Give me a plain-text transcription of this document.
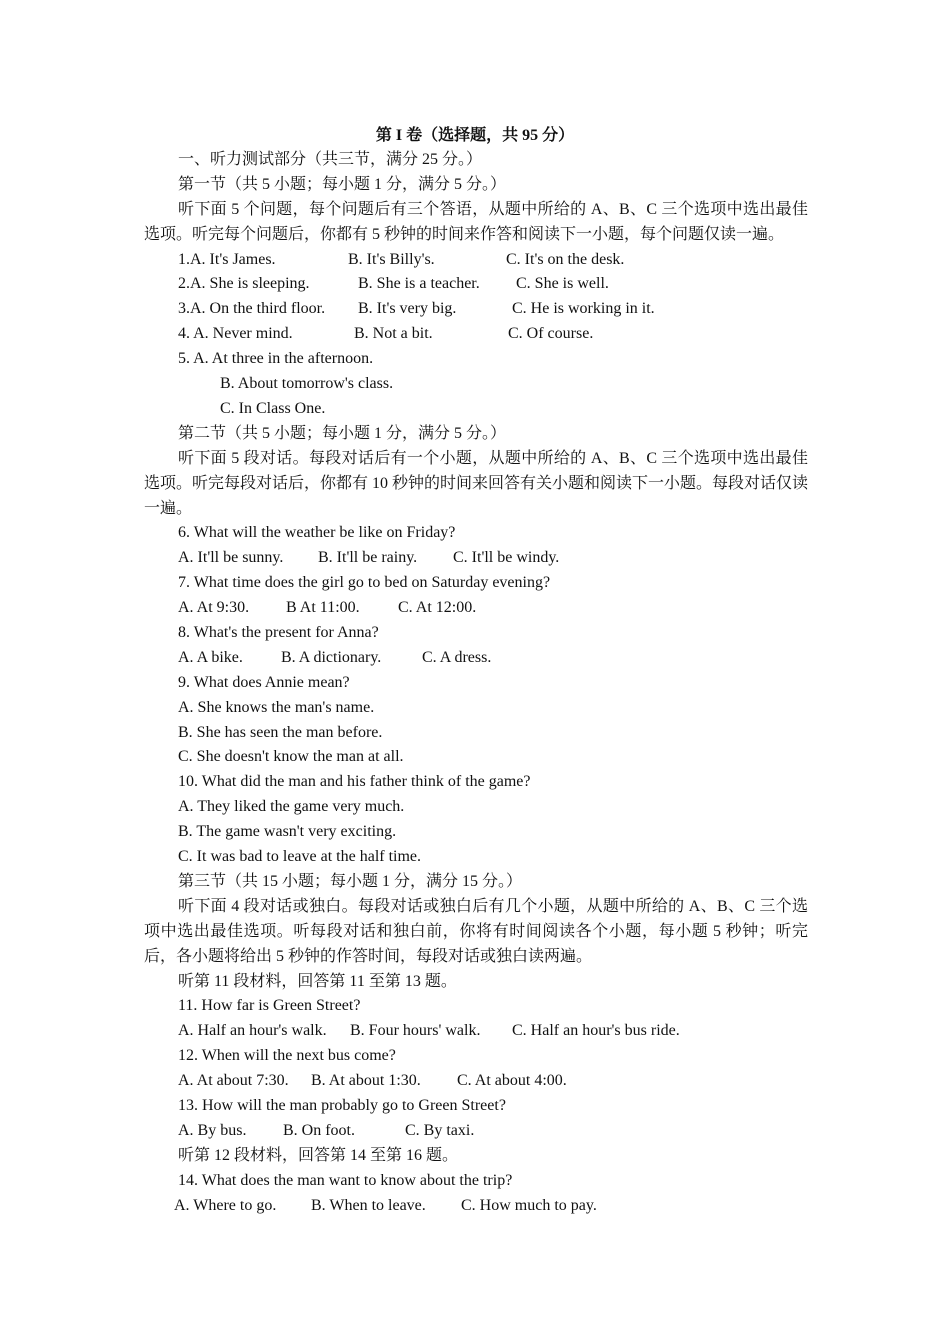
第 I 卷（选择题，共 95 分）
一、听力测试部分（共三节，满分 25 分。）
第一节（共 5 小题；每小题 1 分，满分 5 分。）
听下面 5 个问题，每个问题后有三个答语，从题中所给的 A、B、C 三个选项中选出最佳选项。听完每个问题后，你都有 5 秒钟的时间来作答和阅读下一小题，每个问题仅读一遍。
1.A. It's James.	B. It's Billy's.	C. It's on the desk.
2.A. She is sleeping.	B. She is a teacher. C. She is well.
3.A. On the third floor. B. It's very big.	C. He is working in it.
4. A. Never mind.	B. Not a bit.	C. Of course.
5. A. At three in the afternoon.
B. About tomorrow's class.
C. In Class One.
第二节（共 5 小题；每小题 1 分，满分 5 分。）
听下面 5 段对话。每段对话后有一个小题，从题中所给的 A、B、C 三个选项中选出最佳选项。听完每段对话后，你都有 10 秒钟的时间来回答有关小题和阅读下一小题。每段对话仅读一遍。
6. What will the weather be like on Friday?
A. It'll be sunny. B. It'll be rainy. C. It'll be windy.
7. What time does the girl go to bed on Saturday evening?
A. At 9:30. B At 11:00. C. At 12:00.
8. What's the present for Anna?
A. A bike. B. A dictionary.	C. A dress.
9. What does Annie mean?
A. She knows the man's name.
B. She has seen the man before.
C. She doesn't know the man at all.
10. What did the man and his father think of the game?
A. They liked the game very much.
B. The game wasn't very exciting.
C. It was bad to leave at the half time.
第三节（共 15 小题；每小题 1 分，满分 15 分。）
听下面 4 段对话或独白。每段对话或独白后有几个小题，从题中所给的 A、B、C 三个选项中选出最佳选项。听每段对话和独白前，你将有时间阅读各个小题，每小题 5 秒钟；听完后，各小题将给出 5 秒钟的作答时间，每段对话或独白读两遍。
听第 11 段材料，回答第 11 至第 13 题。
11. How far is Green Street?
A. Half an hour's walk. B. Four hours' walk. C. Half an hour's bus ride.
12. When will the next bus come?
A. At about 7:30. B. At about 1:30. C. At about 4:00.
13. How will the man probably go to Green Street?
A. By bus. B. On foot.	C. By taxi.
听第 12 段材料，回答第 14 至第 16 题。
14. What does the man want to know about the trip?
A. Where to go. B. When to leave. C. How much to pay.
